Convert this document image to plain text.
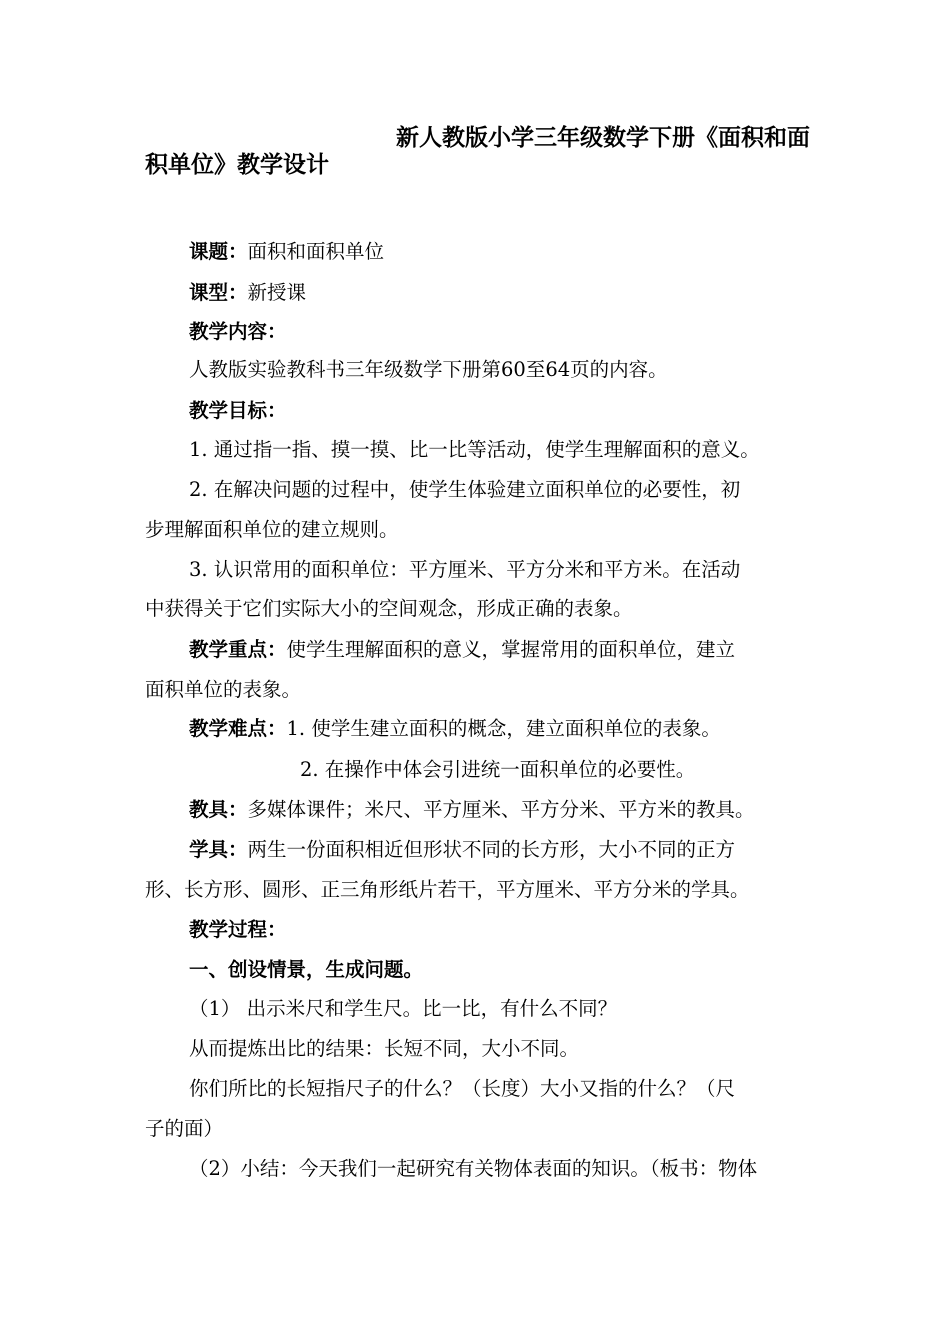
新人教版小学三年级数学下册《面积和面
积单位》教学设计
课题：面积和面积单位
课型：新授课
教学内容：
人教版实验教科书三年级数学下册第60至64页的内容。
教学目标：
1. 通过指一指、摸一摸、比一比等活动，使学生理解面积的意义。
2. 在解决问题的过程中，使学生体验建立面积单位的必要性，初
步理解面积单位的建立规则。
3. 认识常用的面积单位：平方厘米、平方分米和平方米。在活动
中获得关于它们实际大小的空间观念，形成正确的表象。
教学重点：使学生理解面积的意义，掌握常用的面积单位，建立
面积单位的表象。
教学难点：1. 使学生建立面积的概念，建立面积单位的表象。
2. 在操作中体会引进统一面积单位的必要性。
教具：多媒体课件；米尺、平方厘米、平方分米、平方米的教具。
学具：两生一份面积相近但形状不同的长方形，大小不同的正方
形、长方形、圆形、正三角形纸片若干，平方厘米、平方分米的学具。
教学过程：
一、创设情景，生成问题。
（1） 出示米尺和学生尺。比一比，有什么不同？
从而提炼出比的结果：长短不同，大小不同。
你们所比的长短指尺子的什么？（长度）大小又指的什么？（尺
子的面）
（2）小结：今天我们一起研究有关物体表面的知识。（板书：物体
